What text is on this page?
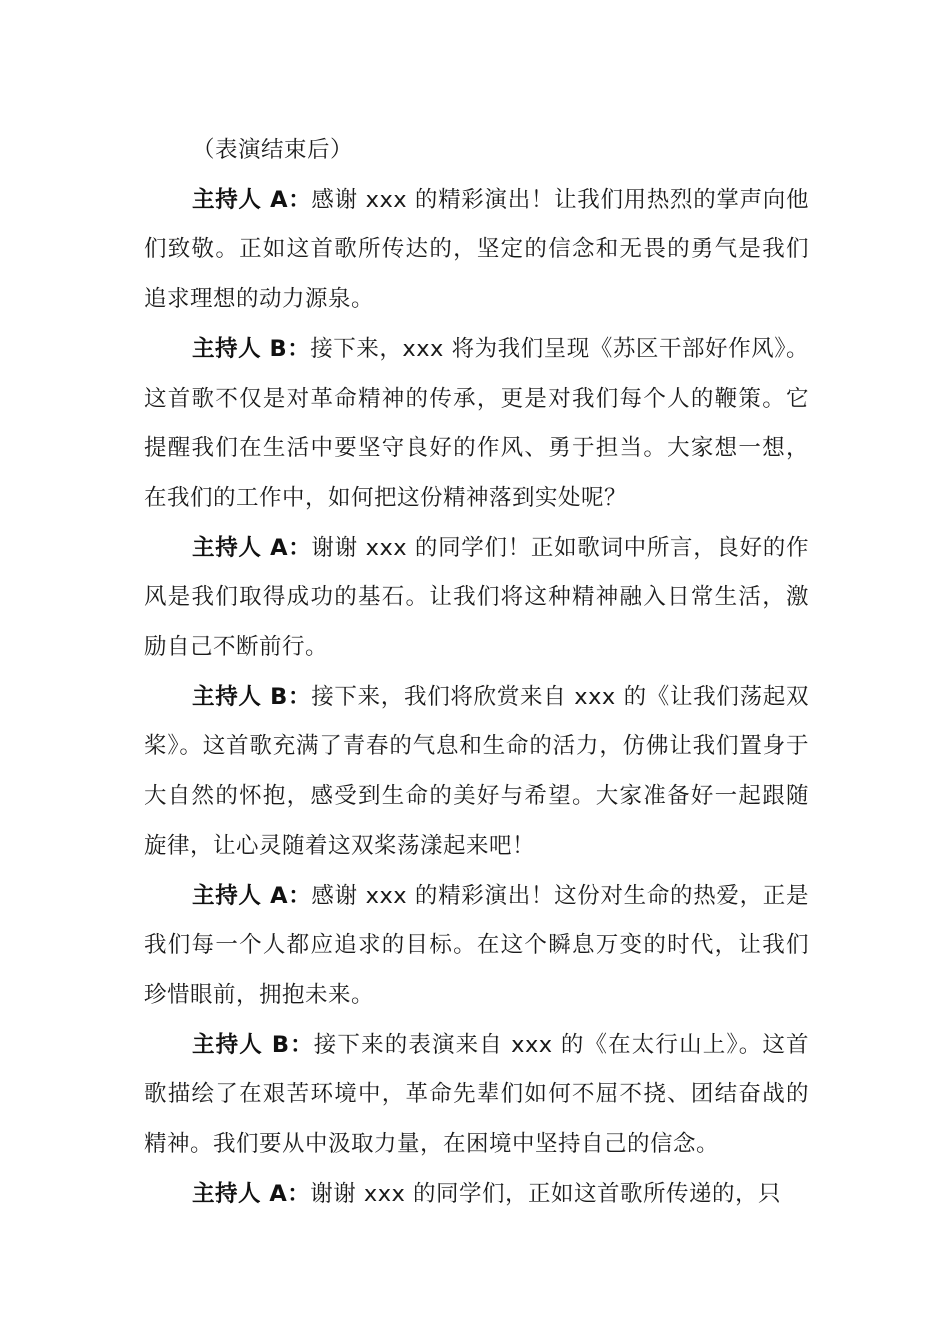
（表演结束后）

主持人 A：感谢 xxx 的精彩演出！让我们用热烈的掌声向他们致敬。正如这首歌所传达的，坚定的信念和无畏的勇气是我们追求理想的动力源泉。

主持人 B：接下来，xxx 将为我们呈现《苏区干部好作风》。这首歌不仅是对革命精神的传承，更是对我们每个人的鞭策。它提醒我们在生活中要坚守良好的作风、勇于担当。大家想一想，在我们的工作中，如何把这份精神落到实处呢？

主持人 A：谢谢 xxx 的同学们！正如歌词中所言，良好的作风是我们取得成功的基石。让我们将这种精神融入日常生活，激励自己不断前行。

主持人 B：接下来，我们将欣赏来自 xxx 的《让我们荡起双桨》。这首歌充满了青春的气息和生命的活力，仿佛让我们置身于大自然的怀抱，感受到生命的美好与希望。大家准备好一起跟随旋律，让心灵随着这双桨荡漾起来吧！

主持人 A：感谢 xxx 的精彩演出！这份对生命的热爱，正是我们每一个人都应追求的目标。在这个瞬息万变的时代，让我们珍惜眼前，拥抱未来。

主持人 B：接下来的表演来自 xxx 的《在太行山上》。这首歌描绘了在艰苦环境中，革命先辈们如何不屈不挠、团结奋战的精神。我们要从中汲取力量，在困境中坚持自己的信念。

主持人 A：谢谢 xxx 的同学们，正如这首歌所传递的，只
